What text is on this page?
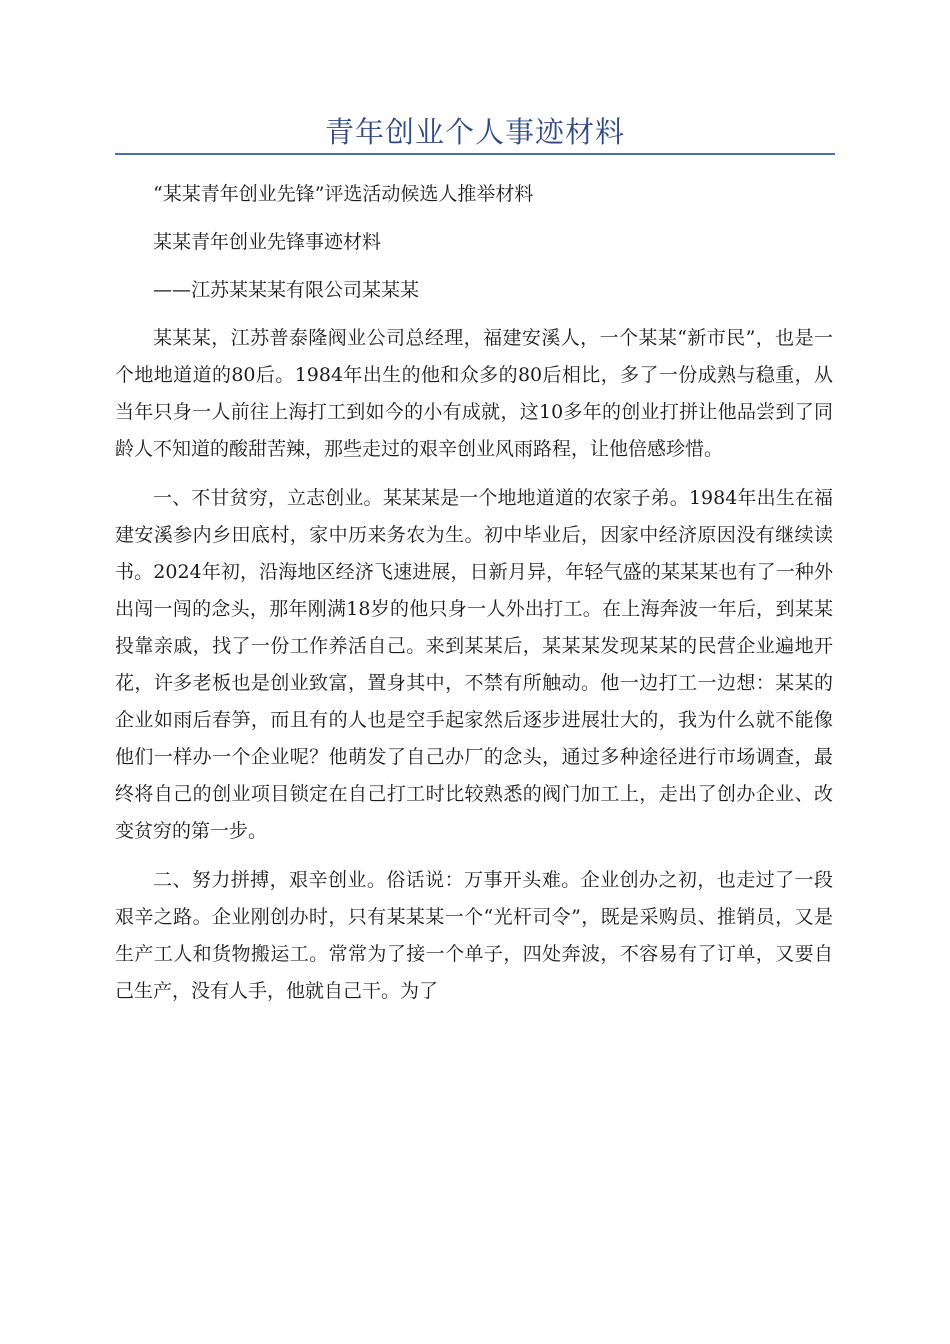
青年创业个人事迹材料

“某某青年创业先锋”评选活动候选人推举材料

某某青年创业先锋事迹材料

——江苏某某某有限公司某某某

某某某，江苏普泰隆阀业公司总经理，福建安溪人，一个某某“新市民”，也是一个地地道道的80后。1984年出生的他和众多的80后相比，多了一份成熟与稳重，从当年只身一人前往上海打工到如今的小有成就，这10多年的创业打拼让他品尝到了同龄人不知道的酸甜苦辣，那些走过的艰辛创业风雨路程，让他倍感珍惜。

一、不甘贫穷，立志创业。某某某是一个地地道道的农家子弟。1984年出生在福建安溪参内乡田底村，家中历来务农为生。初中毕业后，因家中经济原因没有继续读书。2024年初，沿海地区经济飞速进展，日新月异，年轻气盛的某某某也有了一种外出闯一闯的念头，那年刚满18岁的他只身一人外出打工。在上海奔波一年后，到某某投靠亲戚，找了一份工作养活自己。来到某某后，某某某发现某某的民营企业遍地开花，许多老板也是创业致富，置身其中，不禁有所触动。他一边打工一边想：某某的企业如雨后春笋，而且有的人也是空手起家然后逐步进展壮大的，我为什么就不能像他们一样办一个企业呢？他萌发了自己办厂的念头，通过多种途径进行市场调查，最终将自己的创业项目锁定在自己打工时比较熟悉的阀门加工上，走出了创办企业、改变贫穷的第一步。

二、努力拼搏，艰辛创业。俗话说：万事开头难。企业创办之初，也走过了一段艰辛之路。企业刚创办时，只有某某某一个“光杆司令”，既是采购员、推销员，又是生产工人和货物搬运工。常常为了接一个单子，四处奔波，不容易有了订单，又要自己生产，没有人手，他就自己干。为了
